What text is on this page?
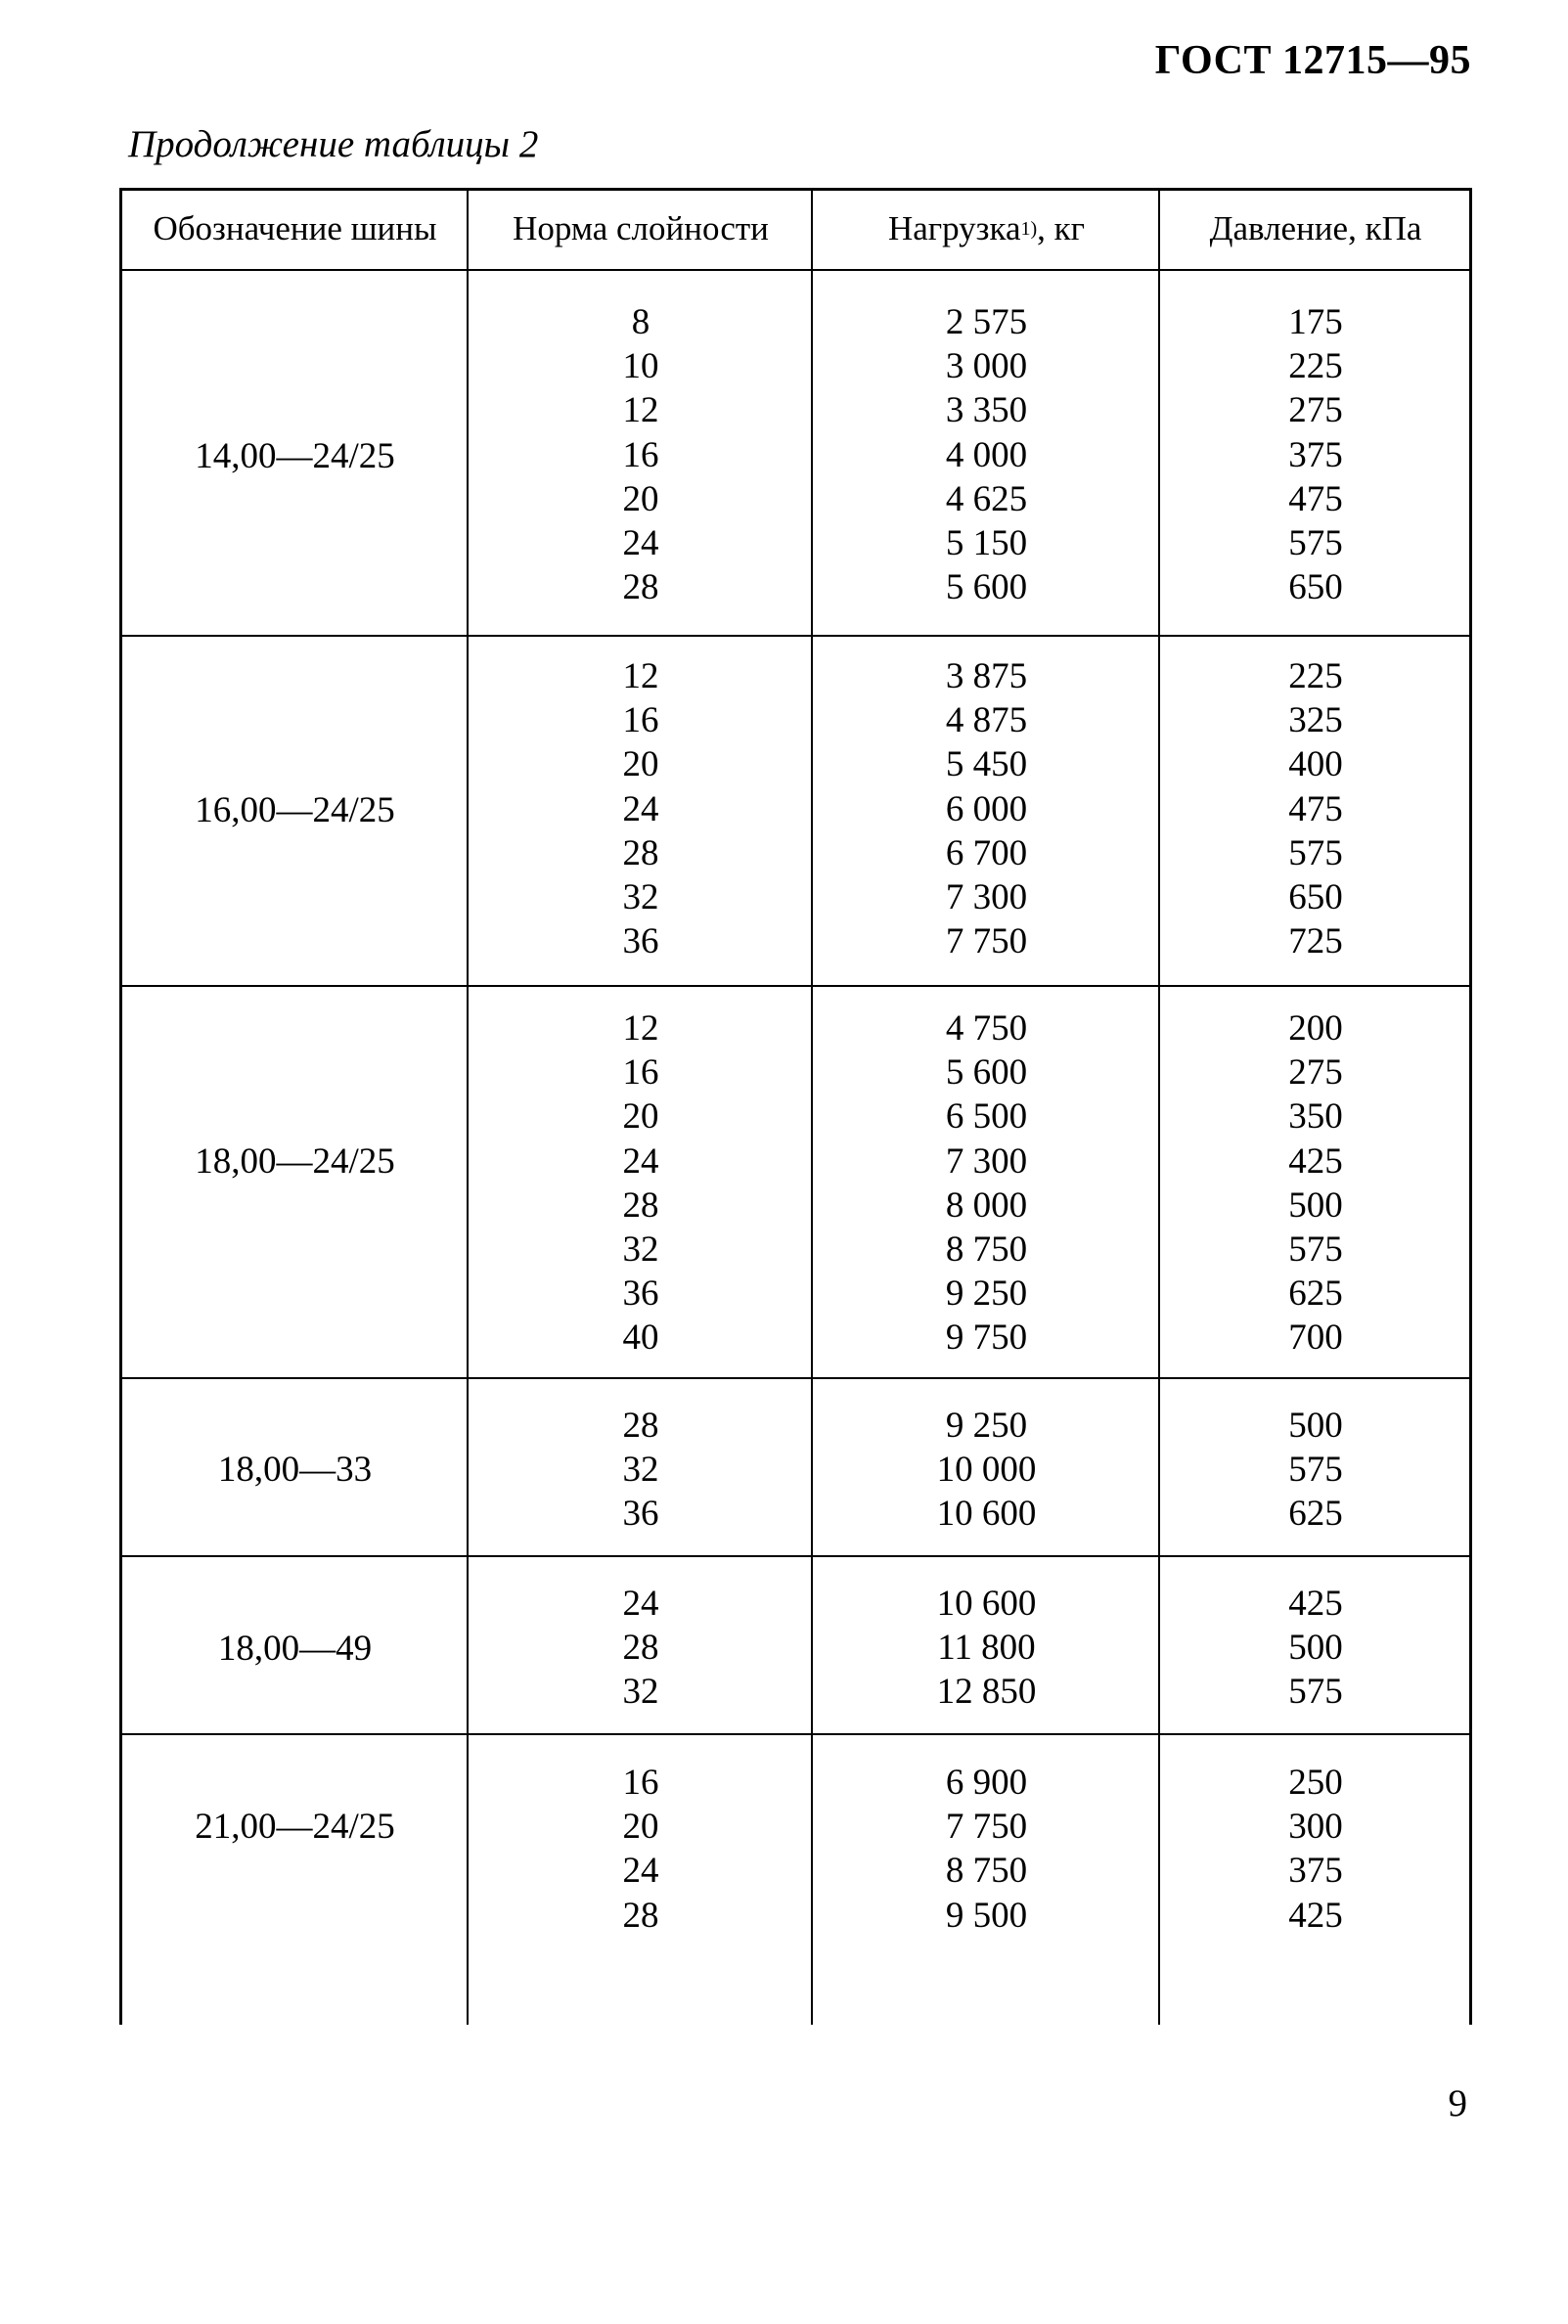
ГОСТ 12715—95
Продолжение таблицы 2
Обозначение шины Норма слойности	Нагрузка 1) , кг	Давление, кПа
14,00—24/25
8
10
12
16
20
24
28
2 575
3 000
3 350
4 000
4 625
5 150
5 600
175
225
275
375
475
575
650
16,00—24/25
12
16
20
24
28
32
36
3 875
4 875
5 450
6 000
6 700
7 300
7 750
225
325
400
475
575
650
725
18,00—24/25
12
16
20
24
28
32
36
40
4 750
5 600
6 500
7 300
8 000
8 750
9 250
9 750
200
275
350
425
500
575
625
700
18,00—33
28
32
36
9 250
10 000
10 600
500
575
625
18,00—49
24
28
32
10 600
11 800
12 850
425
500
575
21,00—24/25
16
20
24
28
6 900
7 750
8 750
9 500
250
300
375
425
9
